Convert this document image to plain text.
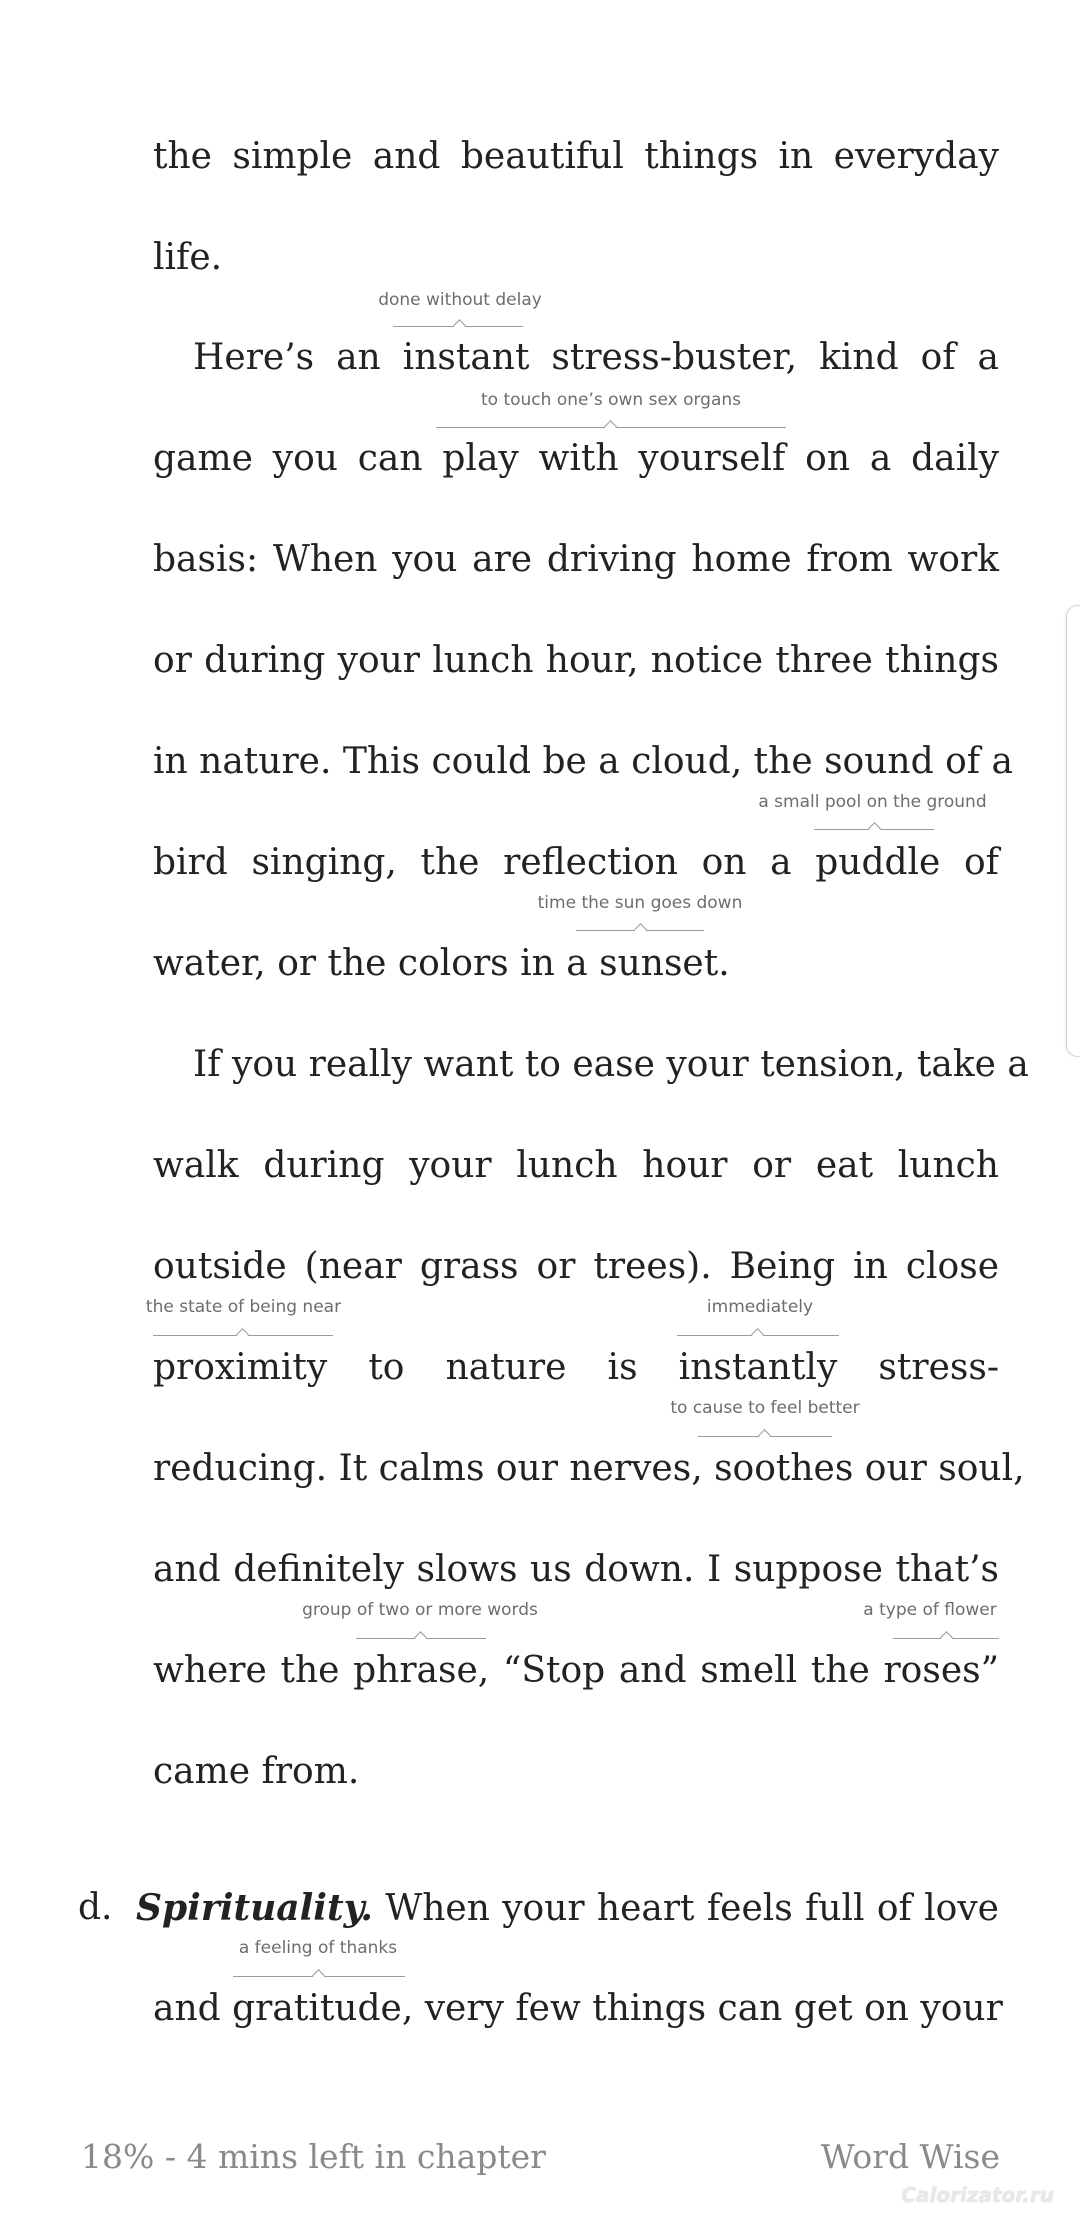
the simple and beautiful things in everyday
life.
done without delay
Here’s an instant stress-buster, kind of a
to touch one’s own sex organs
game you can play with yourself on a daily
basis: When you are driving home from work
or during your lunch hour, notice three things
in nature. This could be a cloud, the sound of a
a small pool on the ground
bird singing, the reflection on a puddle of
time the sun goes down
water, or the colors in a sunset.
If you really want to ease your tension, take a
walk during your lunch hour or eat lunch
outside (near grass or trees). Being in close
the state of being near	immediately
proximity to nature is instantly stress-
to cause to feel better
reducing. It calms our nerves, soothes our soul,
and definitely slows us down. I suppose that’s
group of two or more words	a type of flower
where the phrase, “Stop and smell the roses”
came from.
d. Spirituality. When your heart feels full of love
a feeling of thanks
and gratitude, very few things can get on your
18% - 4 mins left in chapter	Word Wise
Calorizator.ru
